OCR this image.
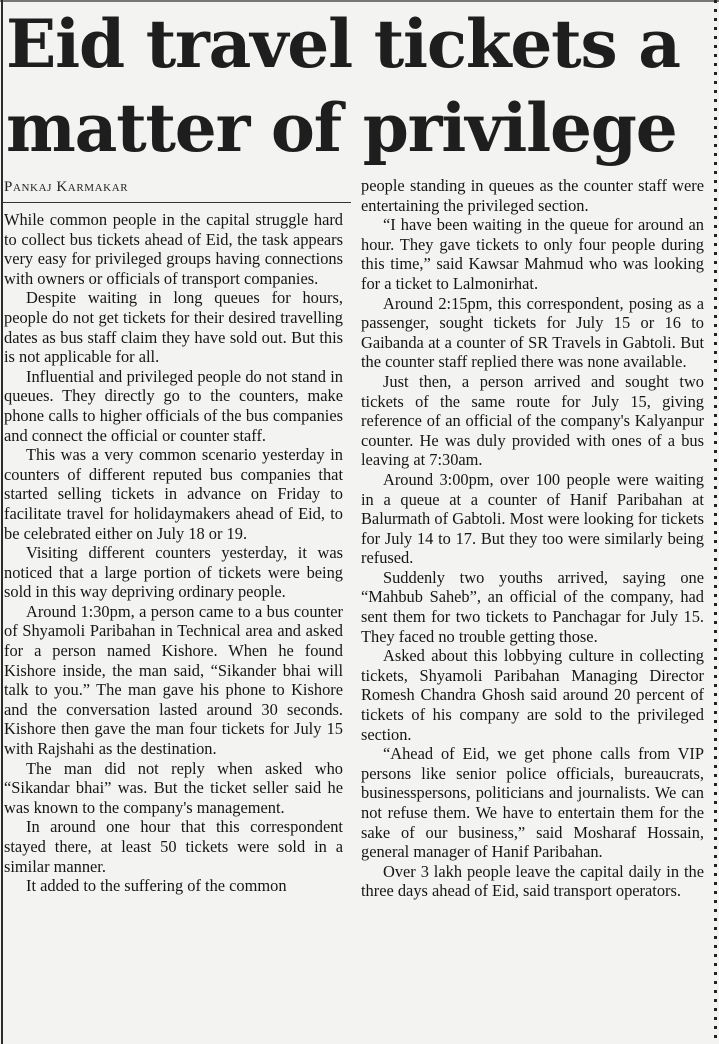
Eid travel tickets a
matter of privilege
Pankaj Karmakar

While common people in the capital struggle hard to collect bus tickets ahead of Eid, the task appears very easy for privileged groups having connections with owners or officials of transport companies.

Despite waiting in long queues for hours, people do not get tickets for their desired travelling dates as bus staff claim they have sold out. But this is not applicable for all.

Influential and privileged people do not stand in queues. They directly go to the counters, make phone calls to higher officials of the bus companies and connect the official or counter staff.

This was a very common scenario yesterday in counters of different reputed bus companies that started selling tickets in advance on Friday to facilitate travel for holidaymakers ahead of Eid, to be celebrated either on July 18 or 19.

Visiting different counters yesterday, it was noticed that a large portion of tickets were being sold in this way depriving ordinary people.

Around 1:30pm, a person came to a bus counter of Shyamoli Paribahan in Technical area and asked for a person named Kishore. When he found Kishore inside, the man said, “Sikander bhai will talk to you.” The man gave his phone to Kishore and the conversation lasted around 30 seconds. Kishore then gave the man four tickets for July 15 with Rajshahi as the destination.

The man did not reply when asked who “Sikandar bhai” was. But the ticket seller said he was known to the company's management.

In around one hour that this correspondent stayed there, at least 50 tickets were sold in a similar manner.

It added to the suffering of the common

people standing in queues as the counter staff were entertaining the privileged section.

“I have been waiting in the queue for around an hour. They gave tickets to only four people during this time,” said Kawsar Mahmud who was looking for a ticket to Lalmonirhat.

Around 2:15pm, this correspondent, posing as a passenger, sought tickets for July 15 or 16 to Gaibanda at a counter of SR Travels in Gabtoli. But the counter staff replied there was none available.

Just then, a person arrived and sought two tickets of the same route for July 15, giving reference of an official of the company's Kalyanpur counter. He was duly provided with ones of a bus leaving at 7:30am.

Around 3:00pm, over 100 people were waiting in a queue at a counter of Hanif Paribahan at Balurmath of Gabtoli. Most were looking for tickets for July 14 to 17. But they too were similarly being refused.

Suddenly two youths arrived, saying one “Mahbub Saheb”, an official of the company, had sent them for two tickets to Panchagar for July 15. They faced no trouble getting those.

Asked about this lobbying culture in collecting tickets, Shyamoli Paribahan Managing Director Romesh Chandra Ghosh said around 20 percent of tickets of his company are sold to the privileged section.

“Ahead of Eid, we get phone calls from VIP persons like senior police officials, bureaucrats, businesspersons, politicians and journalists. We can not refuse them. We have to entertain them for the sake of our business,” said Mosharaf Hossain, general manager of Hanif Paribahan.

Over 3 lakh people leave the capital daily in the three days ahead of Eid, said transport operators.
